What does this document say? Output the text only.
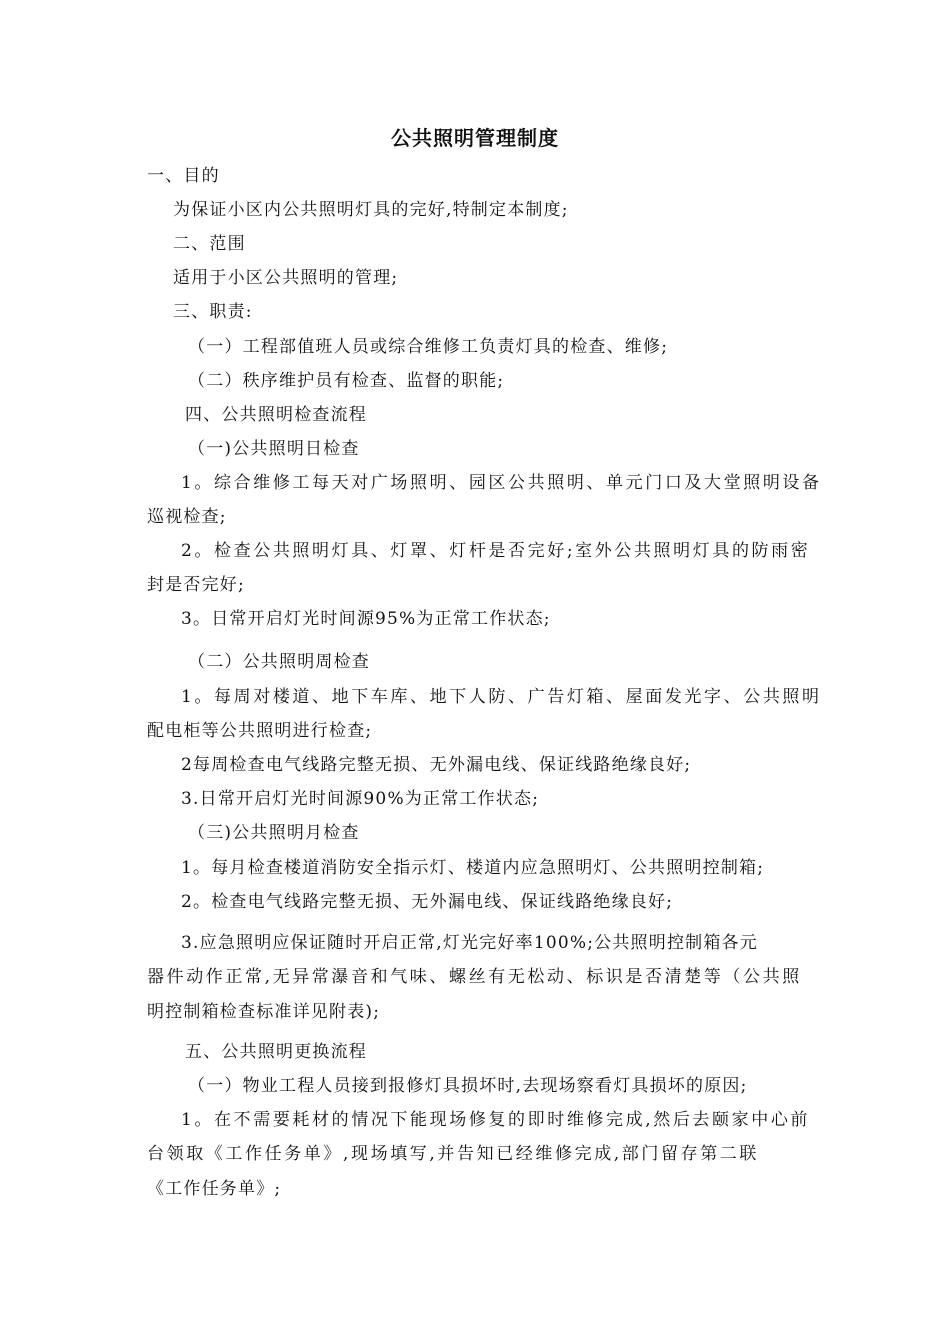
公共照明管理制度

一、目的

为保证小区内公共照明灯具的完好,特制定本制度;

二、范围

适用于小区公共照明的管理;

三、职责:

（一）工程部值班人员或综合维修工负责灯具的检查、维修;

（二）秩序维护员有检查、监督的职能;

四、公共照明检查流程

（一)公共照明日检查

1。综合维修工每天对广场照明、园区公共照明、单元门口及大堂照明设备

巡视检查;

2。检查公共照明灯具、灯罩、灯杆是否完好;室外公共照明灯具的防雨密

封是否完好;

3。日常开启灯光时间源95%为正常工作状态;

（二）公共照明周检查

1。每周对楼道、地下车库、地下人防、广告灯箱、屋面发光字、公共照明

配电柜等公共照明进行检查;

2每周检查电气线路完整无损、无外漏电线、保证线路绝缘良好;

3.日常开启灯光时间源90%为正常工作状态;

（三)公共照明月检查

1。每月检查楼道消防安全指示灯、楼道内应急照明灯、公共照明控制箱;

2。检查电气线路完整无损、无外漏电线、保证线路绝缘良好;

3.应急照明应保证随时开启正常,灯光完好率100%;公共照明控制箱各元

器件动作正常,无异常瀑音和气味、螺丝有无松动、标识是否清楚等（公共照

明控制箱检查标准详见附表);

五、公共照明更换流程

（一）物业工程人员接到报修灯具损坏时,去现场察看灯具损坏的原因;

1。在不需要耗材的情况下能现场修复的即时维修完成,然后去颐家中心前

台领取《工作任务单》,现场填写,并告知已经维修完成,部门留存第二联

《工作任务单》;
